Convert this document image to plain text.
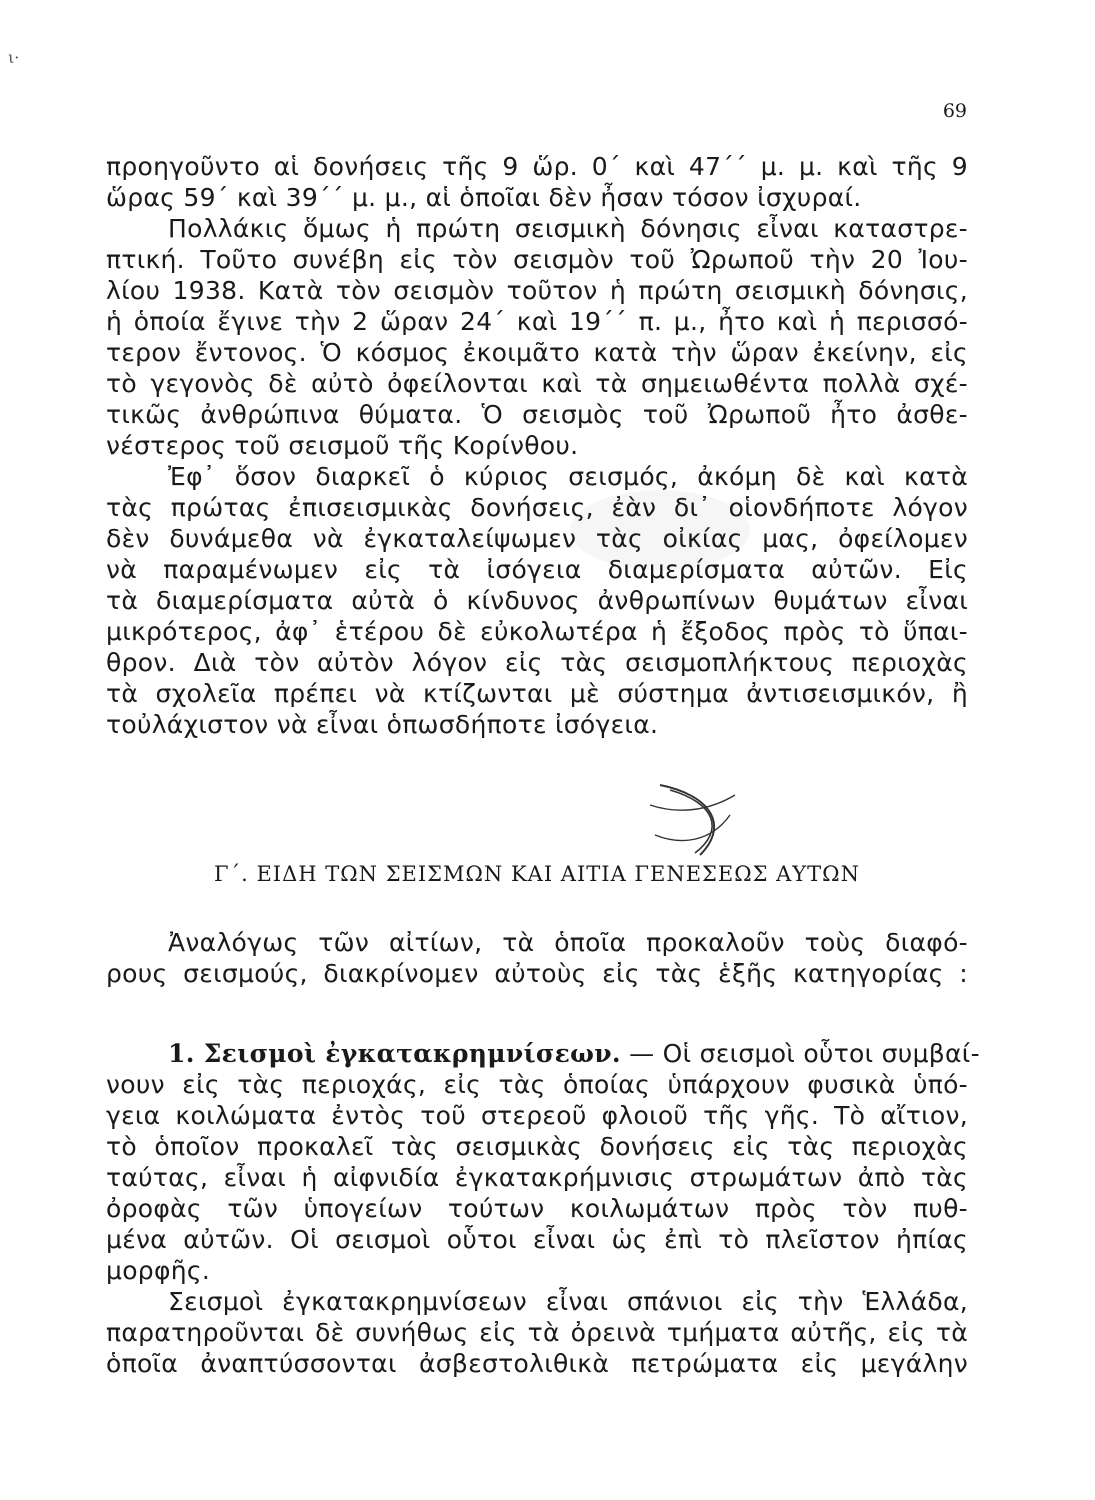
ι·
69
προηγοῦντο αἱ δονήσεις τῆς 9 ὥρ. 0΄ καὶ 47΄΄ μ. μ. καὶ τῆς 9
ὥρας 59΄ καὶ 39΄΄ μ. μ., αἱ ὁποῖαι δὲν ἦσαν τόσον ἰσχυραί.
Πολλάκις ὅμως ἡ πρώτη σεισμικὴ δόνησις εἶναι καταστρε-
πτική. Τοῦτο συνέβη εἰς τὸν σεισμὸν τοῦ Ὠρωποῦ τὴν 20 Ἰου-
λίου 1938. Κατὰ τὸν σεισμὸν τοῦτον ἡ πρώτη σεισμικὴ δόνησις,
ἡ ὁποία ἔγινε τὴν 2 ὥραν 24΄ καὶ 19΄΄ π. μ., ἦτο καὶ ἡ περισσό-
τερον ἔντονος. Ὁ κόσμος ἐκοιμᾶτο κατὰ τὴν ὥραν ἐκείνην, εἰς
τὸ γεγονὸς δὲ αὐτὸ ὀφείλονται καὶ τὰ σημειωθέντα πολλὰ σχέ-
τικῶς ἀνθρώπινα θύματα. Ὁ σεισμὸς τοῦ Ὠρωποῦ ἦτο ἀσθε-
νέστερος τοῦ σεισμοῦ τῆς Κορίνθου.
Ἐφ᾽ ὅσον διαρκεῖ ὁ κύριος σεισμός, ἀκόμη δὲ καὶ κατὰ
τὰς πρώτας ἐπισεισμικὰς δονήσεις, ἐὰν δι᾽ οἱονδήποτε λόγον
δὲν δυνάμεθα νὰ ἐγκαταλείψωμεν τὰς οἰκίας μας, ὀφείλομεν
νὰ παραμένωμεν εἰς τὰ ἰσόγεια διαμερίσματα αὐτῶν. Εἰς
τὰ διαμερίσματα αὐτὰ ὁ κίνδυνος ἀνθρωπίνων θυμάτων εἶναι
μικρότερος, ἀφ᾽ ἑτέρου δὲ εὐκολωτέρα ἡ ἔξοδος πρὸς τὸ ὕπαι-
θρον. Διὰ τὸν αὐτὸν λόγον εἰς τὰς σεισμοπλήκτους περιοχὰς
τὰ σχολεῖα πρέπει νὰ κτίζωνται μὲ σύστημα ἀντισεισμικόν, ἢ
τοὐλάχιστον νὰ εἶναι ὁπωσδήποτε ἰσόγεια.
Γ΄. ΕΙΔΗ ΤΩΝ ΣΕΙΣΜΩΝ ΚΑΙ ΑΙΤΙΑ ΓΕΝΕΣΕΩΣ ΑΥΤΩΝ
Ἀναλόγως τῶν αἰτίων, τὰ ὁποῖα προκαλοῦν τοὺς διαφό-
ρους σεισμούς, διακρίνομεν αὐτοὺς εἰς τὰς ἑξῆς κατηγορίας :
1. Σεισμοὶ ἐγκατακρημνίσεων. — Οἱ σεισμοὶ οὗτοι συμβαί-
νουν εἰς τὰς περιοχάς, εἰς τὰς ὁποίας ὑπάρχουν φυσικὰ ὑπό-
γεια κοιλώματα ἐντὸς τοῦ στερεοῦ φλοιοῦ τῆς γῆς. Τὸ αἴτιον,
τὸ ὁποῖον προκαλεῖ τὰς σεισμικὰς δονήσεις εἰς τὰς περιοχὰς
ταύτας, εἶναι ἡ αἰφνιδία ἐγκατακρήμνισις στρωμάτων ἀπὸ τὰς
ὀροφὰς τῶν ὑπογείων τούτων κοιλωμάτων πρὸς τὸν πυθ-
μένα αὐτῶν. Οἱ σεισμοὶ οὗτοι εἶναι ὡς ἐπὶ τὸ πλεῖστον ἠπίας
μορφῆς.
Σεισμοὶ ἐγκατακρημνίσεων εἶναι σπάνιοι εἰς τὴν Ἑλλάδα,
παρατηροῦνται δὲ συνήθως εἰς τὰ ὀρεινὰ τμήματα αὐτῆς, εἰς τὰ
ὁποῖα ἀναπτύσσονται ἀσβεστολιθικὰ πετρώματα εἰς μεγάλην
